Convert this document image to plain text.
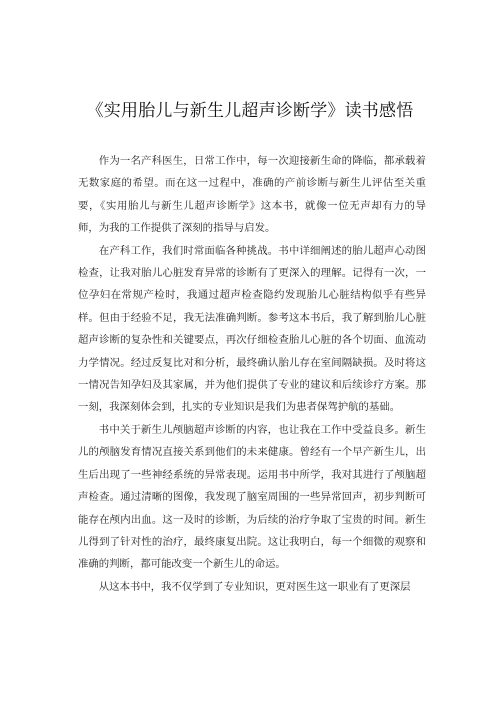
《实用胎儿与新生儿超声诊断学》读书感悟

作为一名产科医生，日常工作中，每一次迎接新生命的降临，都承载着无数家庭的希望。而在这一过程中，准确的产前诊断与新生儿评估至关重要，《实用胎儿与新生儿超声诊断学》这本书，就像一位无声却有力的导师，为我的工作提供了深刻的指导与启发。

在产科工作，我们时常面临各种挑战。书中详细阐述的胎儿超声心动图检查，让我对胎儿心脏发育异常的诊断有了更深入的理解。记得有一次，一位孕妇在常规产检时，我通过超声检查隐约发现胎儿心脏结构似乎有些异样。但由于经验不足，我无法准确判断。参考这本书后，我了解到胎儿心脏超声诊断的复杂性和关键要点，再次仔细检查胎儿心脏的各个切面、血流动力学情况。经过反复比对和分析，最终确认胎儿存在室间隔缺损。及时将这一情况告知孕妇及其家属，并为他们提供了专业的建议和后续诊疗方案。那一刻，我深刻体会到，扎实的专业知识是我们为患者保驾护航的基础。

书中关于新生儿颅脑超声诊断的内容，也让我在工作中受益良多。新生儿的颅脑发育情况直接关系到他们的未来健康。曾经有一个早产新生儿，出生后出现了一些神经系统的异常表现。运用书中所学，我对其进行了颅脑超声检查。通过清晰的图像，我发现了脑室周围的一些异常回声，初步判断可能存在颅内出血。这一及时的诊断，为后续的治疗争取了宝贵的时间。新生儿得到了针对性的治疗，最终康复出院。这让我明白，每一个细微的观察和准确的判断，都可能改变一个新生儿的命运。

从这本书中，我不仅学到了专业知识，更对医生这一职业有了更深层
